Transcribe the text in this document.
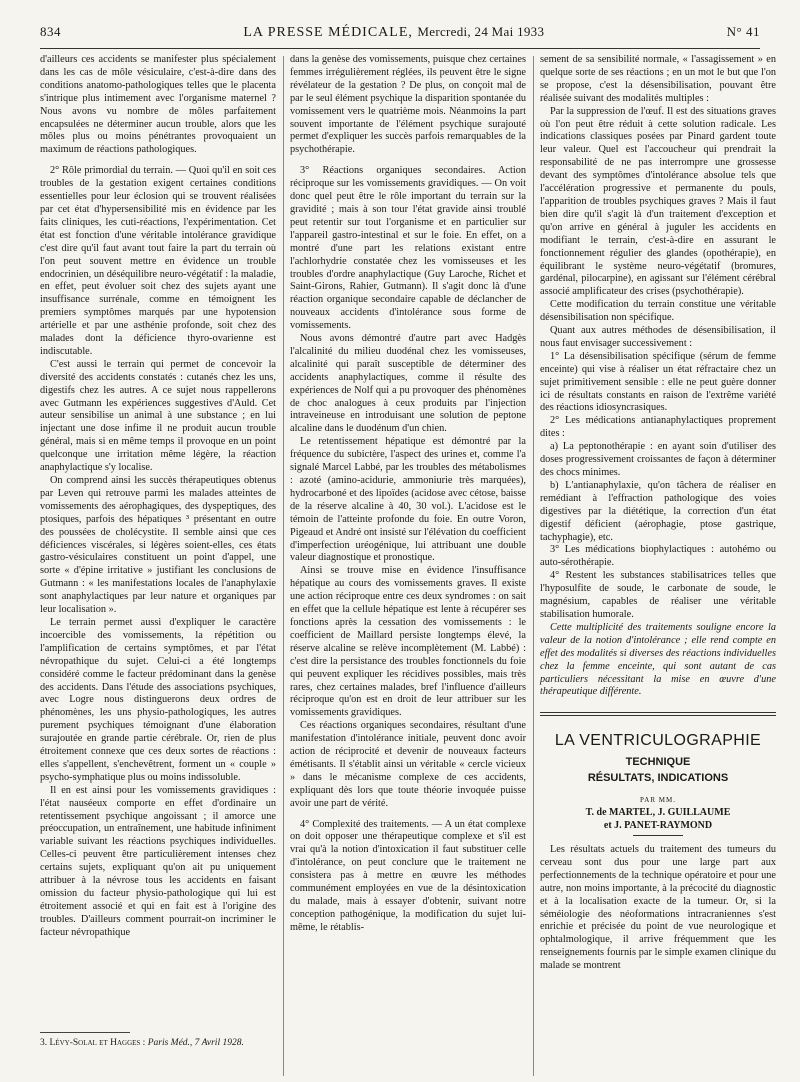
834	LA PRESSE MÉDICALE, Mercredi, 24 Mai 1933	N° 41

d'ailleurs ces accidents se manifester plus spécialement dans les cas de môle vésiculaire, c'est-à-dire dans des conditions anatomo-pathologiques telles que le placenta s'intrique plus intimement avec l'organisme maternel ? Nous avons vu nombre de môles parfaitement encapsulées ne déterminer aucun trouble, alors que les môles plus ou moins pénétrantes provoquaient un maximum de réactions pathologiques.

2° Rôle primordial du terrain. — Quoi qu'il en soit ces troubles de la gestation exigent certaines conditions essentielles pour leur éclosion qui se trouvent réalisées par cet état d'hypersensibilité mis en évidence par les faits cliniques, les cuti-réactions, l'expérimentation. Cet état est fonction d'une véritable intolérance gravidique c'est dire qu'il faut avant tout faire la part du terrain où l'on peut souvent mettre en évidence un trouble endocrinien, un déséquilibre neuro-végétatif : la maladie, en effet, peut évoluer soit chez des sujets ayant une insuffisance surrénale, comme en témoignent les premiers symptômes marqués par une hypotension artérielle et par une asthénie profonde, soit chez des malades dont la déficience thyro-ovarienne est indiscutable.

C'est aussi le terrain qui permet de concevoir la diversité des accidents constatés : cutanés chez les uns, digestifs chez les autres. A ce sujet nous rappellerons avec Gutmann les expériences suggestives d'Auld. Cet auteur sensibilise un animal à une substance ; en lui injectant une dose infime il ne produit aucun trouble général, mais si en même temps il provoque en un point quelconque une irritation même légère, la réaction anaphylactique s'y localise.

On comprend ainsi les succès thérapeutiques obtenus par Leven qui retrouve parmi les malades atteintes de vomissements des aérophagiques, des dyspeptiques, des ptosiques, parfois des hépatiques ³ présentant en outre des poussées de cholécystite. Il semble ainsi que ces déficiences viscérales, si légères soient-elles, ces états gastro-vésiculaires constituent un point d'appel, une sorte « d'épine irritative » justifiant les conclusions de Gutmann : « les manifestations locales de l'anaphylaxie sont anaphylactiques par leur nature et organiques par leur localisation ».

Le terrain permet aussi d'expliquer le caractère incoercible des vomissements, la répétition ou l'amplification de certains symptômes, et par l'état névropathique du sujet. Celui-ci a été longtemps considéré comme le facteur prédominant dans la genèse des accidents. Dans l'étude des associations psychiques, avec Logre nous distinguerons deux ordres de phénomènes, les uns physio-pathologiques, les autres purement psychiques témoignant d'une élaboration surajoutée en grande partie cérébrale. Or, rien de plus étroitement connexe que ces deux sortes de réactions : elles s'appellent, s'enchevêtrent, forment un « couple » psycho-symphatique plus ou moins indissoluble.

Il en est ainsi pour les vomissements gravidiques : l'état nauséeux comporte en effet d'ordinaire un retentissement psychique angoissant ; il amorce une préoccupation, un entraînement, une habitude infiniment variable suivant les réactions psychiques individuelles. Celles-ci peuvent être particulièrement intenses chez certains sujets, expliquant qu'on ait pu uniquement attribuer à la névrose tous les accidents en faisant omission du facteur physio-pathologique qui lui est étroitement associé et qui en fait est à l'origine des troubles. D'ailleurs comment pourrait-on incriminer le facteur névropathique

3. Lévy-Solal et Hagges : Paris Méd., 7 Avril 1928.

dans la genèse des vomissements, puisque chez certaines femmes irrégulièrement réglées, ils peuvent être le signe révélateur de la gestation ? De plus, on conçoit mal de par le seul élément psychique la disparition spontanée du vomissement vers le quatrième mois. Néanmoins la part souvent importante de l'élément psychique surajouté permet d'expliquer les succès parfois remarquables de la psychothérapie.

3° Réactions organiques secondaires. Action réciproque sur les vomissements gravidiques. — On voit donc quel peut être le rôle important du terrain sur la gravidité ; mais à son tour l'état gravide ainsi troublé peut retentir sur tout l'organisme et en particulier sur l'appareil gastro-intestinal et sur le foie. En effet, on a montré d'une part les relations existant entre l'achlorhydrie constatée chez les vomisseuses et les troubles d'ordre anaphylactique (Guy Laroche, Richet et Saint-Girons, Rahier, Gutmann). Il s'agit donc là d'une réaction organique secondaire capable de déclancher de nouveaux accidents d'intolérance sous forme de vomissements.

Nous avons démontré d'autre part avec Hadgès l'alcalinité du milieu duodénal chez les vomisseuses, alcalinité qui paraît susceptible de déterminer des accidents anaphylactiques, comme il résulte des expériences de Nolf qui a pu provoquer des phénomènes de choc analogues à ceux produits par l'injection intraveineuse en introduisant une solution de peptone alcaline dans le duodénum d'un chien.

Le retentissement hépatique est démontré par la fréquence du subictère, l'aspect des urines et, comme l'a signalé Marcel Labbé, par les troubles des métabolismes : azoté (amino-acidurie, ammoniurie très marquées), hydrocarboné et des lipoïdes (acidose avec cétose, baisse de la réserve alcaline à 40, 30 vol.). L'acidose est le témoin de l'atteinte profonde du foie. En outre Voron, Pigeaud et André ont insisté sur l'élévation du coefficient d'imperfection uréogénique, lui attribuant une double valeur diagnostique et pronostique.

Ainsi se trouve mise en évidence l'insuffisance hépatique au cours des vomissements graves. Il existe une action réciproque entre ces deux syndromes : on sait en effet que la cellule hépatique est lente à récupérer ses fonctions après la cessation des vomissements : le coefficient de Maillard persiste longtemps élevé, la réserve alcaline se relève incomplètement (M. Labbé) : c'est dire la persistance des troubles fonctionnels du foie qui peuvent expliquer les récidives possibles, mais très rares, chez certaines malades, bref l'influence d'ailleurs réciproque qu'on est en droit de leur attribuer sur les vomissements gravidiques.

Ces réactions organiques secondaires, résultant d'une manifestation d'intolérance initiale, peuvent donc avoir action de réciprocité et devenir de nouveaux facteurs émétisants. Il s'établit ainsi un véritable « cercle vicieux » dans le mécanisme complexe de ces accidents, expliquant dès lors que toute théorie invoquée puisse avoir une part de vérité.

4° Complexité des traitements. — A un état complexe on doit opposer une thérapeutique complexe et s'il est vrai qu'à la notion d'intoxication il faut substituer celle d'intolérance, on peut conclure que le traitement ne consistera pas à mettre en œuvre les méthodes communément employées en vue de la désintoxication du malade, mais à essayer d'obtenir, suivant notre conception pathogénique, la modification du sujet lui-même, le rétablis-

sement de sa sensibilité normale, « l'assagissement » en quelque sorte de ses réactions ; en un mot le but que l'on se propose, c'est la désensibilisation, pouvant être réalisée suivant des modalités multiples :

Par la suppression de l'œuf. Il est des situations graves où l'on peut être réduit à cette solution radicale. Les indications classiques posées par Pinard gardent toute leur valeur. Quel est l'accoucheur qui prendrait la responsabilité de ne pas interrompre une grossesse devant des symptômes d'intolérance absolue tels que l'accélération progressive et permanente du pouls, l'apparition de troubles psychiques graves ? Mais il faut bien dire qu'il s'agit là d'un traitement d'exception et qu'on arrive en général à juguler les accidents en modifiant le terrain, c'est-à-dire en assurant le fonctionnement régulier des glandes (opothérapie), en équilibrant le système neuro-végétatif (bromures, gardénal, pilocarpine), en agissant sur l'élément cérébral associé amplificateur des crises (psychothérapie).

Cette modification du terrain constitue une véritable désensibilisation non spécifique.

Quant aux autres méthodes de désensibilisation, il nous faut envisager successivement :

1° La désensibilisation spécifique (sérum de femme enceinte) qui vise à réaliser un état réfractaire chez un sujet primitivement sensible : elle ne peut guère donner ici de résultats constants en raison de l'extrême variété des réactions idiosyncrasiques.

2° Les médications antianaphylactiques proprement dites :

a) La peptonothérapie : en ayant soin d'utiliser des doses progressivement croissantes de façon à déterminer des chocs minimes.

b) L'antianaphylaxie, qu'on tâchera de réaliser en remédiant à l'effraction pathologique des voies digestives par la diététique, la correction d'un état digestif déficient (aérophagie, ptose gastrique, tachyphagie), etc.

3° Les médications biophylactiques : autohémo ou auto-sérothérapie.

4° Restent les substances stabilisatrices telles que l'hyposulfite de soude, le carbonate de soude, le magnésium, capables de réaliser une véritable stabilisation humorale.

Cette multiplicité des traitements souligne encore la valeur de la notion d'intolérance ; elle rend compte en effet des modalités si diverses des réactions individuelles chez la femme enceinte, qui sont autant de cas particuliers nécessitant la mise en œuvre d'une thérapeutique différente.

LA VENTRICULOGRAPHIE
TECHNIQUE
RÉSULTATS, INDICATIONS
PAR MM.
T. de MARTEL, J. GUILLAUME
et J. PANET-RAYMOND

Les résultats actuels du traitement des tumeurs du cerveau sont dus pour une large part aux perfectionnements de la technique opératoire et pour une autre, non moins importante, à la précocité du diagnostic et à la localisation exacte de la tumeur. Or, si la séméiologie des néoformations intracraniennes s'est enrichie et précisée du point de vue neurologique et ophtalmologique, il arrive fréquemment que les renseignements fournis par le simple examen clinique du malade se montrent
